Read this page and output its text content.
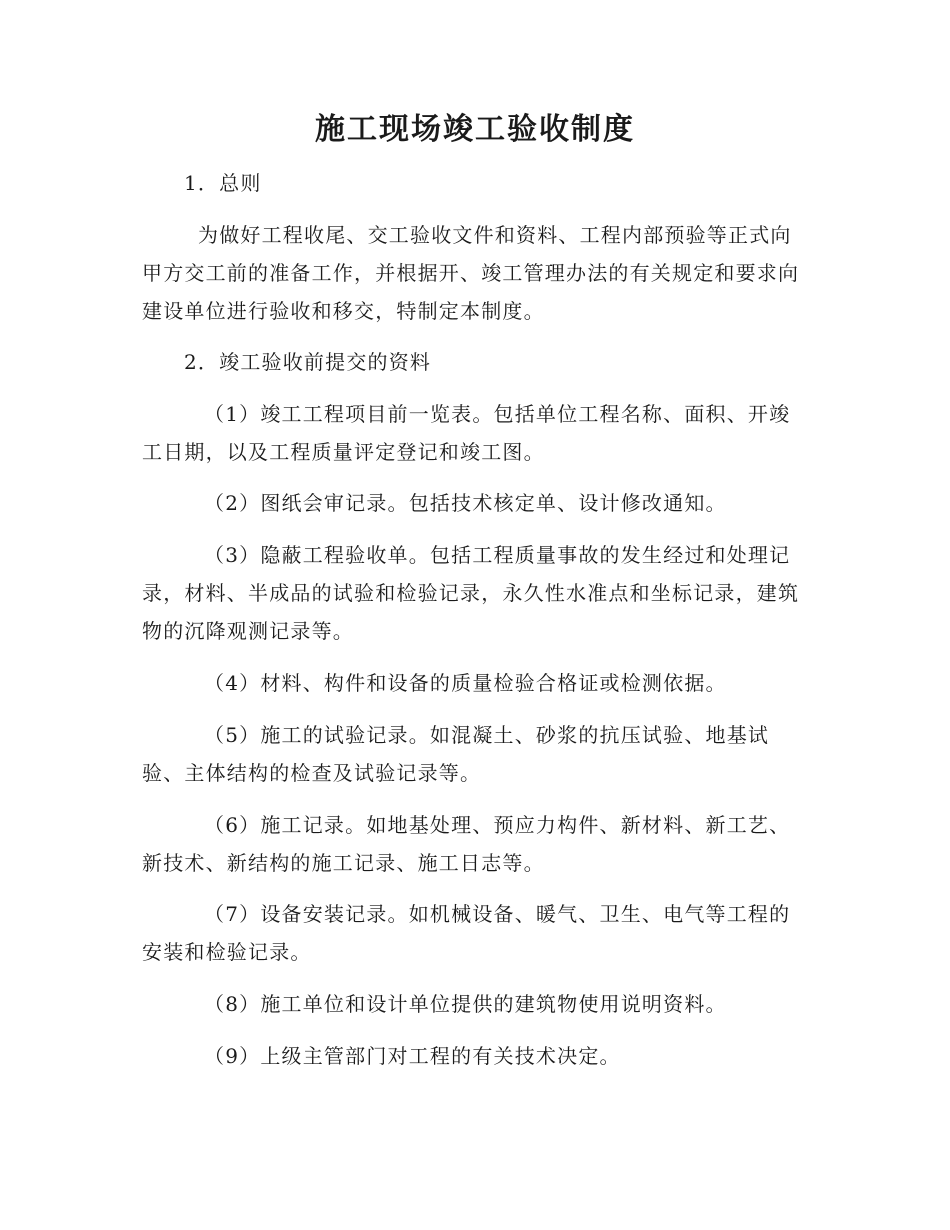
施工现场竣工验收制度

1．总则

为做好工程收尾、交工验收文件和资料、工程内部预验等正式向甲方交工前的准备工作，并根据开、竣工管理办法的有关规定和要求向建设单位进行验收和移交，特制定本制度。

2．竣工验收前提交的资料

（1）竣工工程项目前一览表。包括单位工程名称、面积、开竣工日期，以及工程质量评定登记和竣工图。

（2）图纸会审记录。包括技术核定单、设计修改通知。

（3）隐蔽工程验收单。包括工程质量事故的发生经过和处理记录，材料、半成品的试验和检验记录，永久性水准点和坐标记录，建筑物的沉降观测记录等。

（4）材料、构件和设备的质量检验合格证或检测依据。

（5）施工的试验记录。如混凝土、砂浆的抗压试验、地基试验、主体结构的检查及试验记录等。

（6）施工记录。如地基处理、预应力构件、新材料、新工艺、新技术、新结构的施工记录、施工日志等。

（7）设备安装记录。如机械设备、暖气、卫生、电气等工程的安装和检验记录。

（8）施工单位和设计单位提供的建筑物使用说明资料。

（9）上级主管部门对工程的有关技术决定。
